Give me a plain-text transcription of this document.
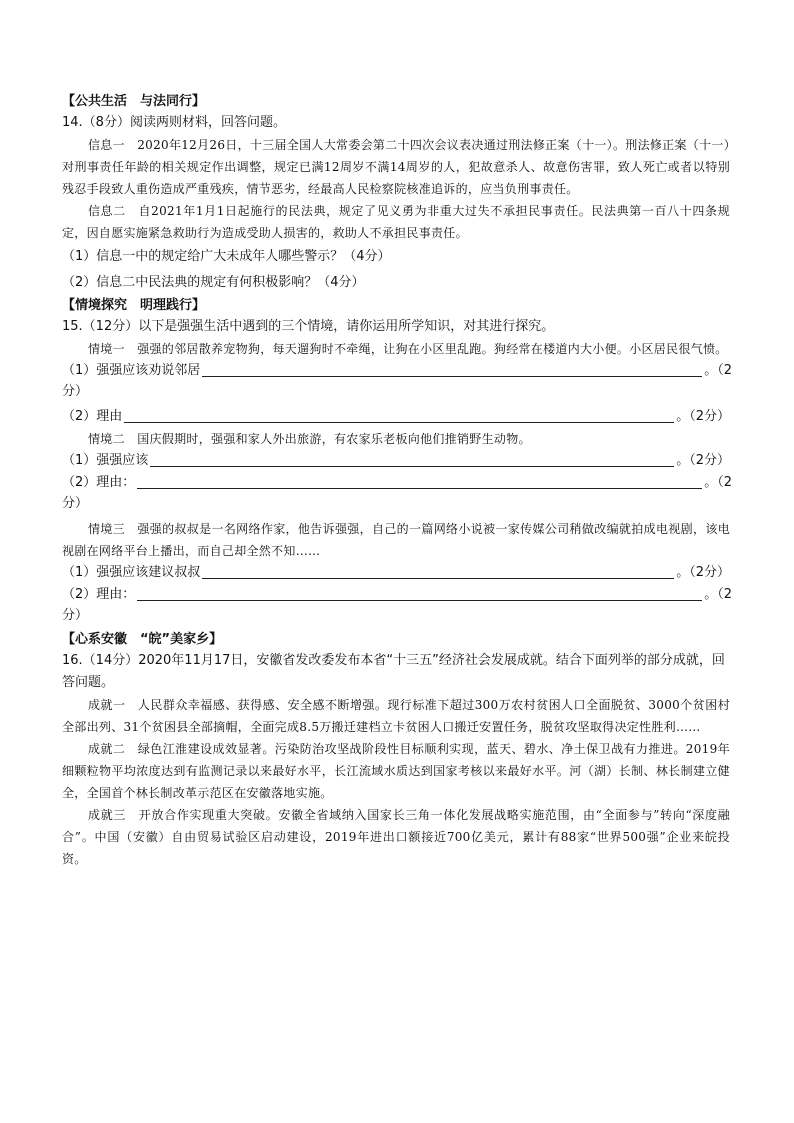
【公共生活　与法同行】

14.（8分）阅读两则材料，回答问题。

信息一　2020年12月26日，十三届全国人大常委会第二十四次会议表决通过刑法修正案（十一）。刑法修正案（十一）对刑事责任年龄的相关规定作出调整，规定已满12周岁不满14周岁的人，犯故意杀人、故意伤害罪，致人死亡或者以特别残忍手段致人重伤造成严重残疾，情节恶劣，经最高人民检察院核准追诉的，应当负刑事责任。

信息二　自2021年1月1日起施行的民法典，规定了见义勇为非重大过失不承担民事责任。民法典第一百八十四条规定，因自愿实施紧急救助行为造成受助人损害的，救助人不承担民事责任。

（1）信息一中的规定给广大未成年人哪些警示？（4分）

（2）信息二中民法典的规定有何积极影响？（4分）

【情境探究　明理践行】

15.（12分）以下是强强生活中遇到的三个情境，请你运用所学知识，对其进行探究。

情境一　强强的邻居散养宠物狗，每天遛狗时不牵绳，让狗在小区里乱跑。狗经常在楼道内大小便。小区居民很气愤。

（1）强强应该劝说邻居	。（2

分）

（2）理由	。（2分）

情境二　国庆假期时，强强和家人外出旅游，有农家乐老板向他们推销野生动物。

（1）强强应该	。（2分）
（2）理由：	。（2

分）

情境三　强强的叔叔是一名网络作家，他告诉强强，自己的一篇网络小说被一家传媒公司稍做改编就拍成电视剧，该电视剧在网络平台上播出，而自己却全然不知……

（1）强强应该建议叔叔	。（2分）
（2）理由：	。（2

分）

【心系安徽　“皖”美家乡】

16.（14分）2020年11月17日，安徽省发改委发布本省“十三五”经济社会发展成就。结合下面列举的部分成就，回答问题。

成就一　人民群众幸福感、获得感、安全感不断增强。现行标准下超过300万农村贫困人口全面脱贫、3000个贫困村全部出列、31个贫困县全部摘帽，全面完成8.5万搬迁建档立卡贫困人口搬迁安置任务，脱贫攻坚取得决定性胜利……

成就二　绿色江淮建设成效显著。污染防治攻坚战阶段性目标顺利实现，蓝天、碧水、净土保卫战有力推进。2019年细颗粒物平均浓度达到有监测记录以来最好水平，长江流域水质达到国家考核以来最好水平。河（湖）长制、林长制建立健全，全国首个林长制改革示范区在安徽落地实施。

成就三　开放合作实现重大突破。安徽全省域纳入国家长三角一体化发展战略实施范围，由“全面参与”转向“深度融合”。中国（安徽）自由贸易试验区启动建设，2019年进出口额接近700亿美元，累计有88家“世界500强”企业来皖投资。
